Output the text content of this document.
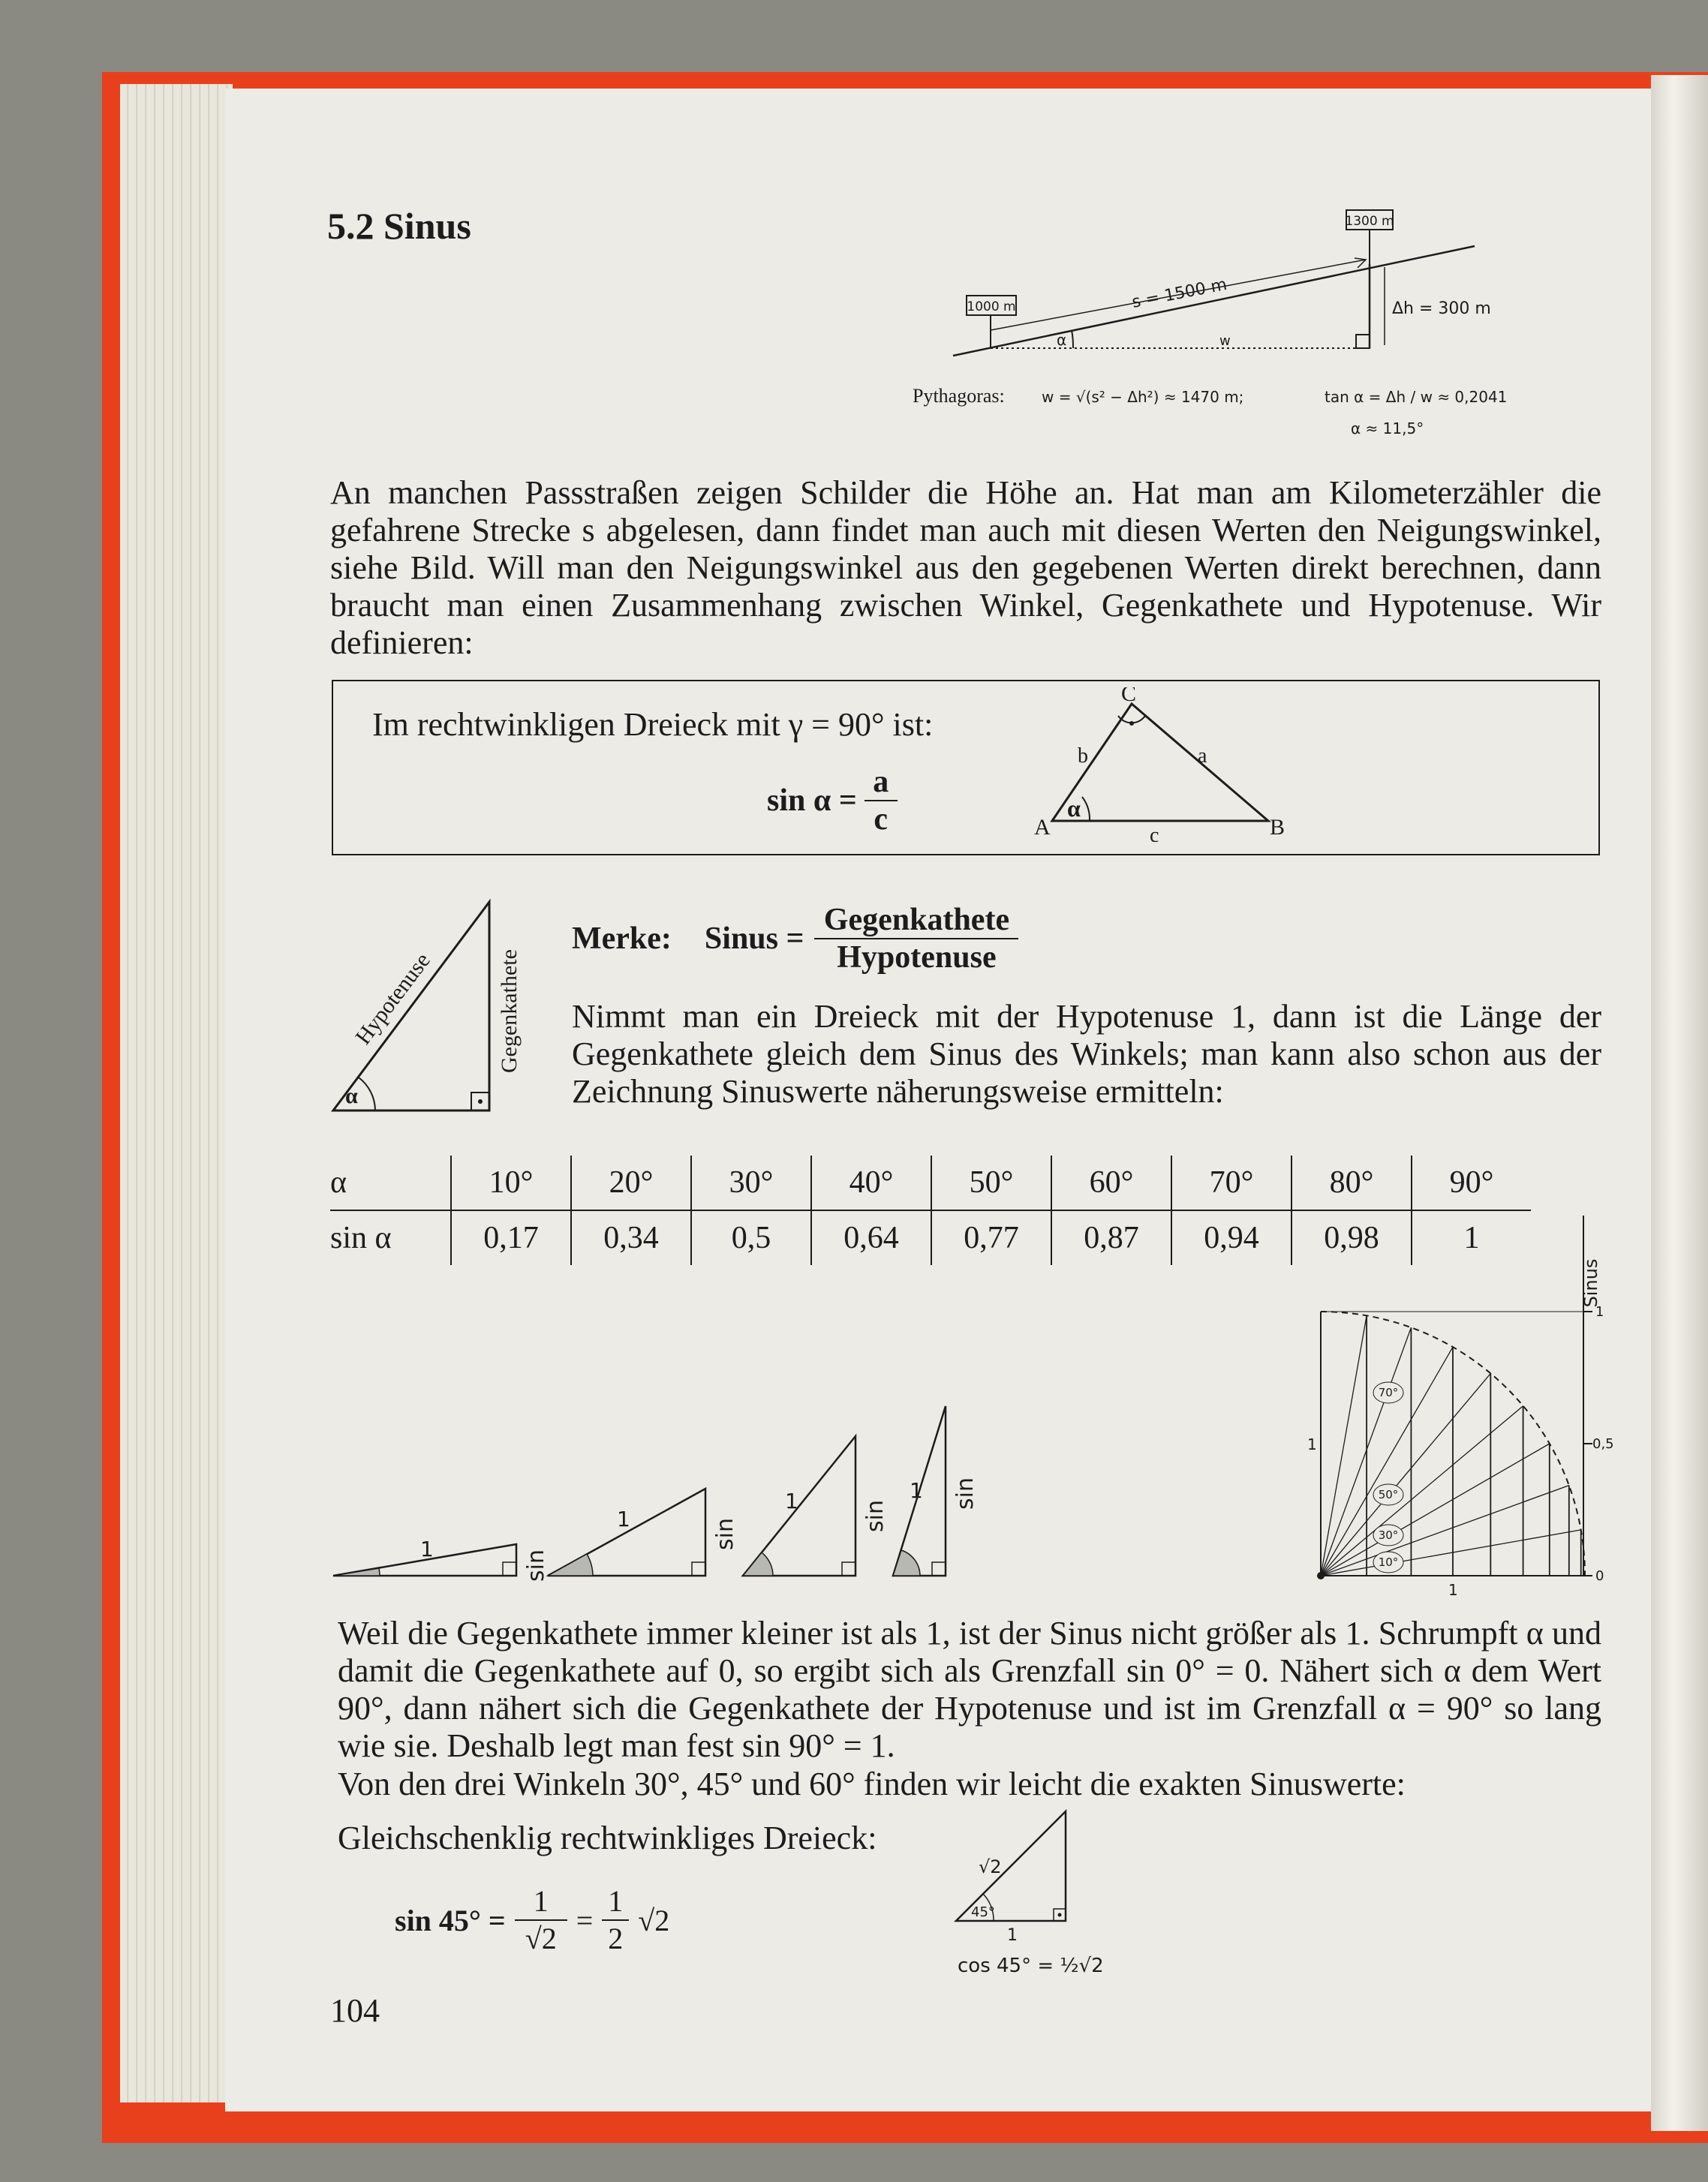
5.2 Sinus	1300 m
1000 m	s = 1500 m	Δh = 300 m
α	w
Pythagoras: w = √(s² − Δh²) ≈ 1470 m;	tan α = Δh / w ≈ 0,2041
α ≈ 11,5°
An manchen Passstraßen zeigen Schilder die Höhe an. Hat man am Kilometerzähler die gefahrene Strecke s abgelesen, dann findet man auch mit diesen Werten den Neigungswinkel, siehe Bild. Will man den Neigungswinkel aus den gegebenen Werten direkt berechnen, dann braucht man einen Zusammenhang zwischen Winkel, Gegenkathete und Hypotenuse. Wir definieren:
Im rechtwinkligen Dreieck mit γ = 90° ist:
sin α =
a
c
C
A	B
b	a
c
α
Hypotenuse	Gegenkathete
α
Merke: Sinus =
Gegenkathete
Hypotenuse
Nimmt man ein Dreieck mit der Hypotenuse 1, dann ist die Länge der Gegenkathete gleich dem Sinus des Winkels; man kann also schon aus der Zeichnung Sinuswerte näherungsweise ermitteln:
α	10°	20°	30°	40°	50°	60°	70°	80°	90°
sin α	0,17	0,34	0,5	0,64	0,77	0,87	0,94	0,98	1
1
1
1	1
sin
sin
sin
sin
Sinus
1
0,5
0
1
1
70°
50°
30°
10°
Weil die Gegenkathete immer kleiner ist als 1, ist der Sinus nicht größer als 1. Schrumpft α und damit die Gegenkathete auf 0, so ergibt sich als Grenzfall sin 0° = 0. Nähert sich α dem Wert 90°, dann nähert sich die Gegenkathete der Hypotenuse und ist im Grenzfall α = 90° so lang wie sie. Deshalb legt man fest sin 90° = 1.
Von den drei Winkeln 30°, 45° und 60° finden wir leicht die exakten Sinuswerte:
Gleichschenklig rechtwinkliges Dreieck:
sin 45° =
1
√2
=
1
2
√2
√2
45°
1
cos 45° = ½√2
104
